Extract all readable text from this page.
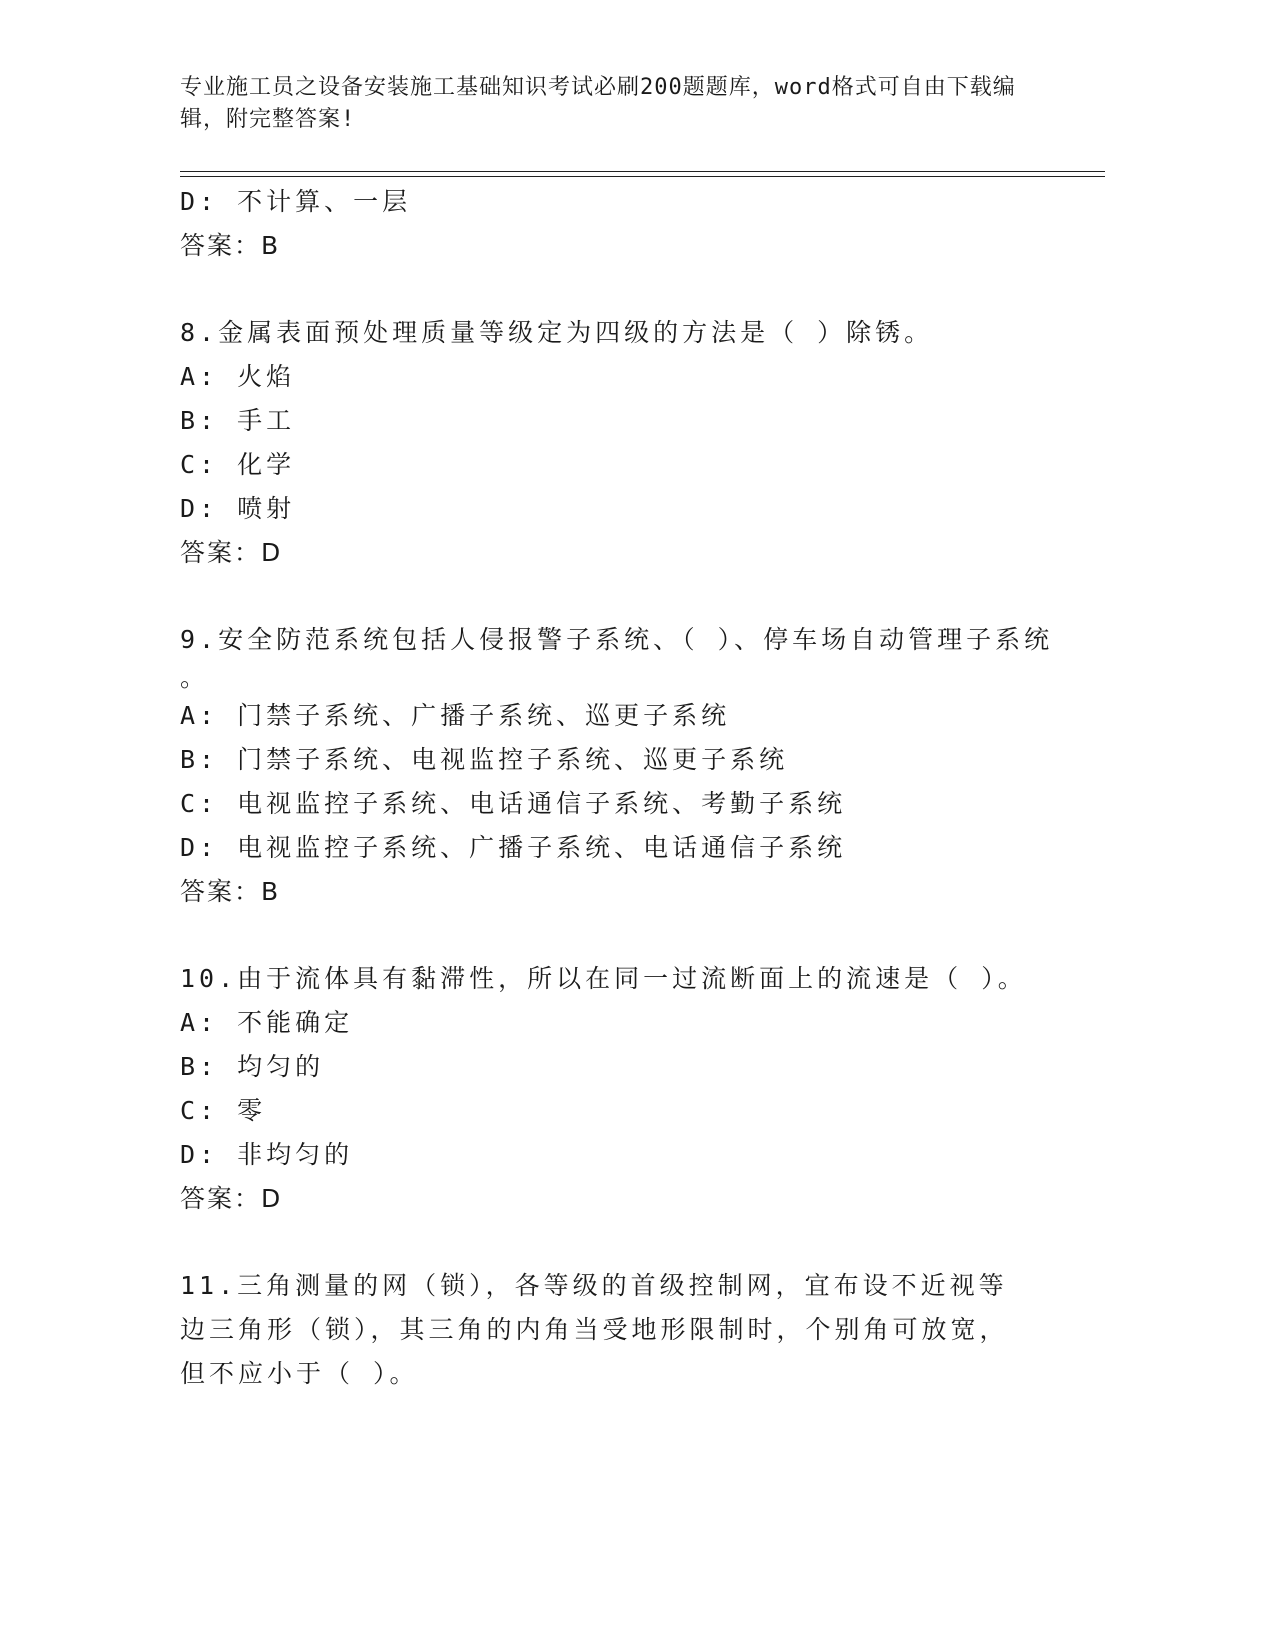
专业施工员之设备安装施工基础知识考试必刷200题题库，word格式可自由下载编辑，附完整答案!
D: 不计算、一层
答案：B
8.金属表面预处理质量等级定为四级的方法是（ ）除锈。
A: 火焰
B: 手工
C: 化学
D: 喷射
答案：D
9.安全防范系统包括人侵报警子系统、（ ）、停车场自动管理子系统
。
A: 门禁子系统、广播子系统、巡更子系统
B: 门禁子系统、电视监控子系统、巡更子系统
C: 电视监控子系统、电话通信子系统、考勤子系统
D: 电视监控子系统、广播子系统、电话通信子系统
答案：B
10.由于流体具有黏滞性，所以在同一过流断面上的流速是（ ）。
A: 不能确定
B: 均匀的
C: 零
D: 非均匀的
答案：D
11.三角测量的网（锁），各等级的首级控制网，宜布设不近视等边三角形（锁），其三角的内角当受地形限制时，个别角可放宽，但不应小于（ ）。
